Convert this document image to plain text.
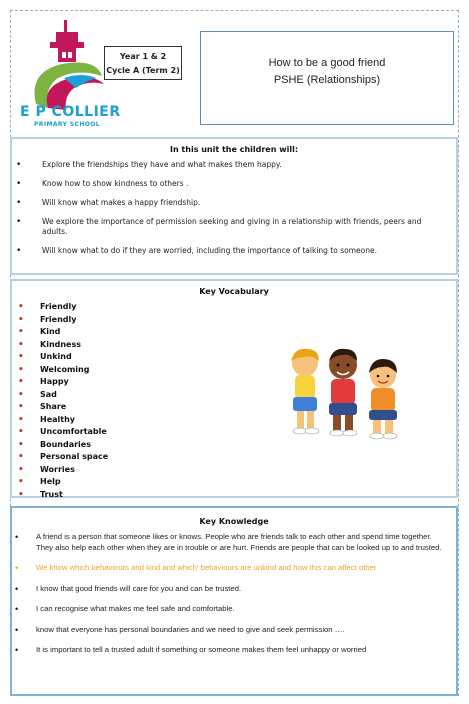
E P COLLIER
PRIMARY SCHOOL
Year 1 & 2
Cycle A (Term 2)
How to be a good friend
PSHE (Relationships)
In this unit the children will:
• Explore the friendships they have and what makes them happy.
• Know how to show kindness to others .
• Will know what makes a happy friendship.
• We explore the importance of permission seeking and giving in a relationship with friends, peers and adults.
• Will know what to do if they are worried, including the importance of talking to someone.
Key Vocabulary
• Friendly
• Friendly
• Kind
• Kindness
• Unkind
• Welcoming
• Happy
• Sad
• Share
• Healthy
• Uncomfortable
• Boundaries
• Personal space
• Worries
• Help
• Trust
Key Knowledge
• A friend is a person that someone likes or knows. People who are friends talk to each other and spend time together. They also help each other when they are in trouble or are hurt. Friends are people that can be looked up to and trusted.
• We know which behaviours and kind and which' behaviours are unkind and how this can affect other
• I know that good friends will care for you and can be trusted.
• I can recognise what makes me feel safe and comfortable.
• know that everyone has personal boundaries and we need to give and seek permission ….
• It is important to tell a trusted adult if something or someone makes them feel unhappy or worried
